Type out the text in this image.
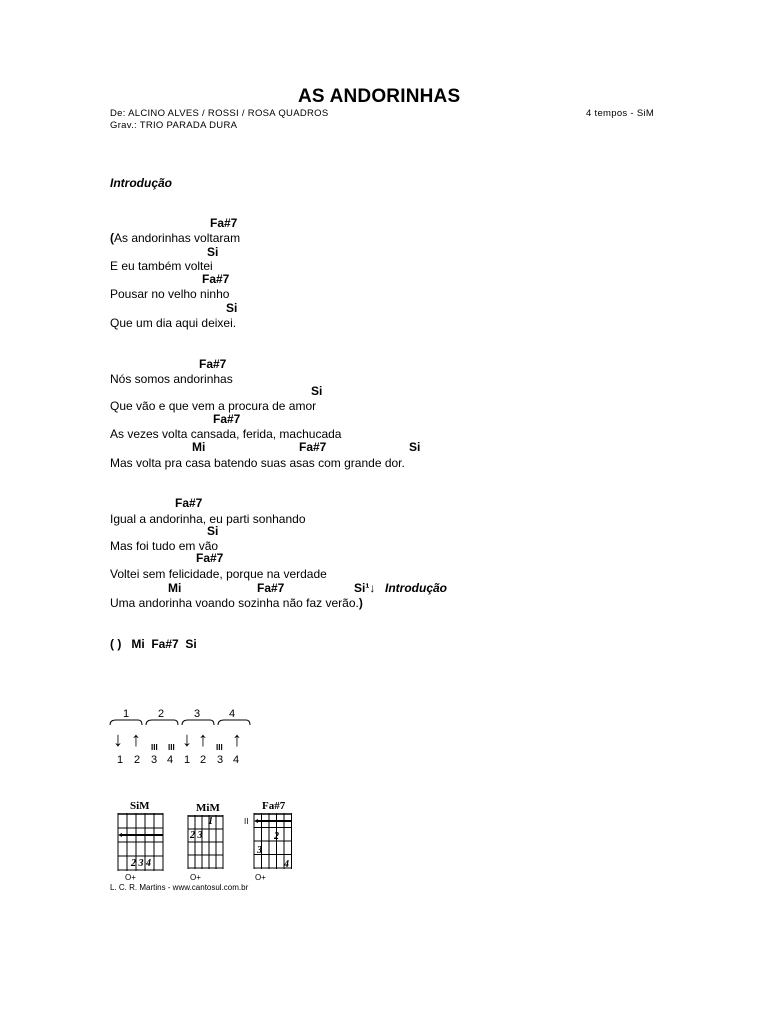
AS ANDORINHAS
De: ALCINO ALVES / ROSSI / ROSA QUADROS	4 tempos - SiM
Grav.: TRIO PARADA DURA
Introdução
Fa#7
(As andorinhas voltaram
Si
E eu também voltei
Fa#7
Pousar no velho ninho
Si
Que um dia aqui deixei.
Fa#7
Nós somos andorinhas
Si
Que vão e que vem a procura de amor
Fa#7
As vezes volta cansada, ferida, machucada
Mi	Fa#7	Si
Mas volta pra casa batendo suas asas com grande dor.
Fa#7
Igual a andorinha, eu parti sonhando
Si
Mas foi tudo em vão
Fa#7
Voltei sem felicidade, porque na verdade
Mi	Fa#7	Si¹↓ Introdução
Uma andorinha voando sozinha não faz verão.)
( )   Mi  Fa#7  Si
1	2	3	4
↓ ↑ III III ↓ ↑ III ↑
1 2 3 4 1 2 3 4
SiM
2 3 4
O+
MiM
1
2 3
O+
Fa#7
II
2
3
4
O+
L. C. R. Martins - www.cantosul.com.br
